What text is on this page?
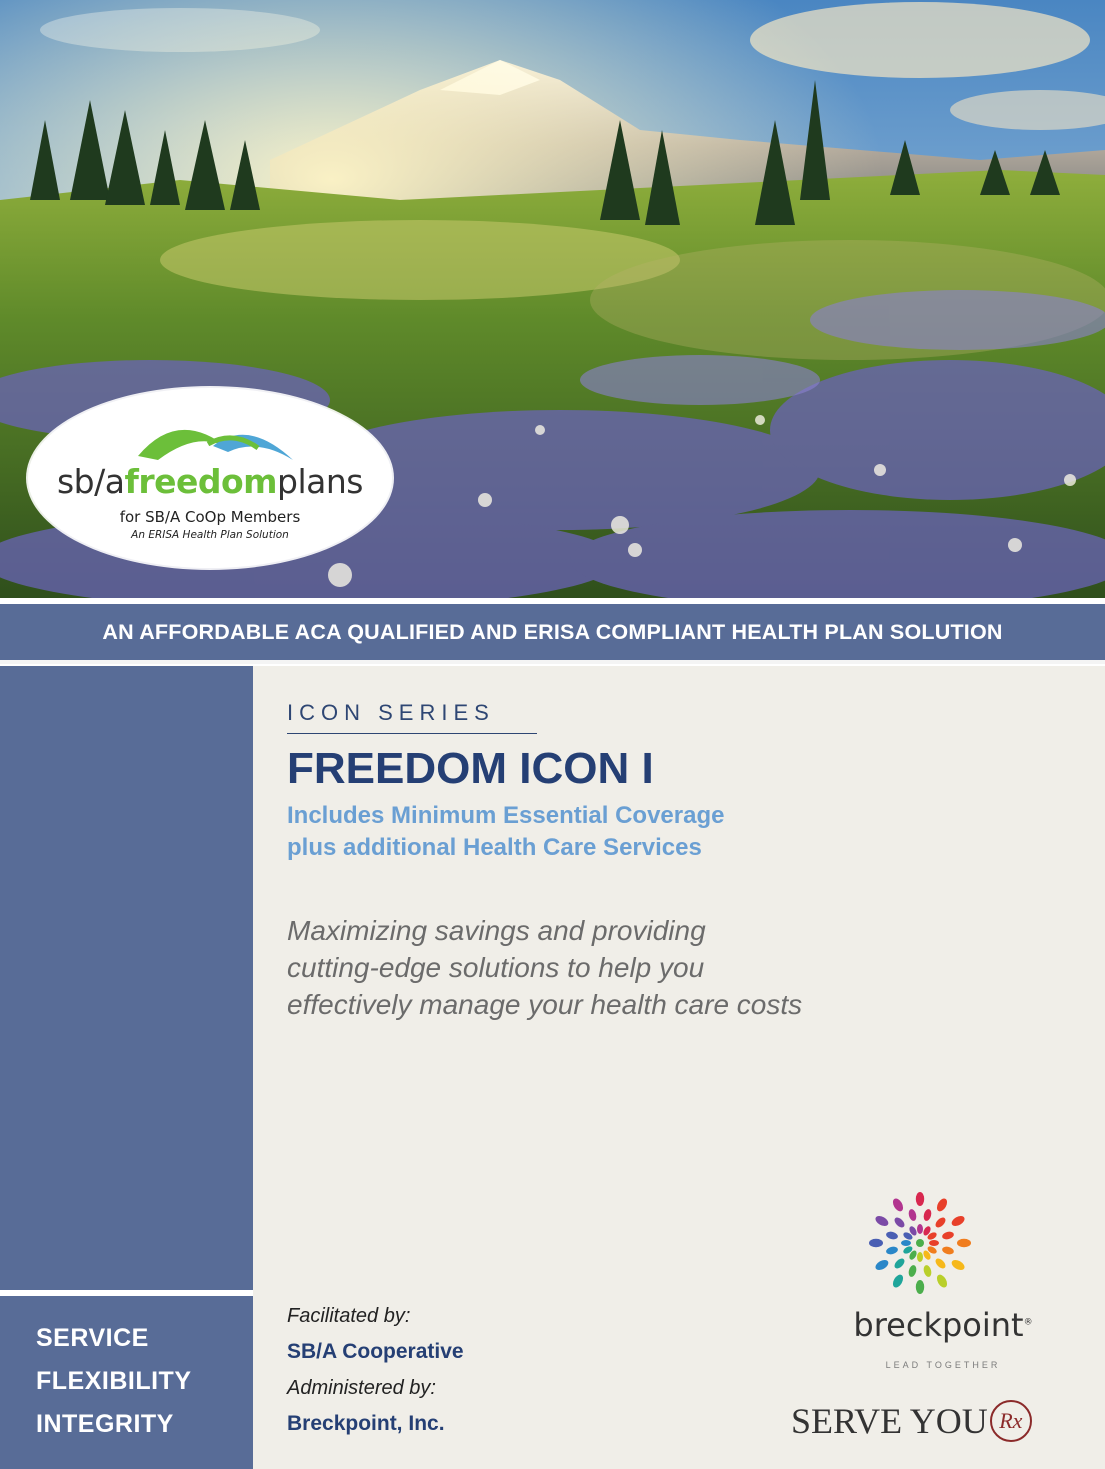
sb/afreedomplans
for SB/A CoOp Members
An ERISA Health Plan Solution
AN AFFORDABLE ACA QUALIFIED AND ERISA COMPLIANT HEALTH PLAN SOLUTION
SERVICE
FLEXIBILITY
INTEGRITY
ICON SERIES
FREEDOM ICON I
Includes Minimum Essential Coverage
plus additional Health Care Services
Maximizing savings and providing
cutting-edge solutions to help you
effectively manage your health care costs
Facilitated by:
SB/A Cooperative
Administered by:
Breckpoint, Inc.
breckpoint®
LEAD TOGETHER
SERVE YOU Rx
